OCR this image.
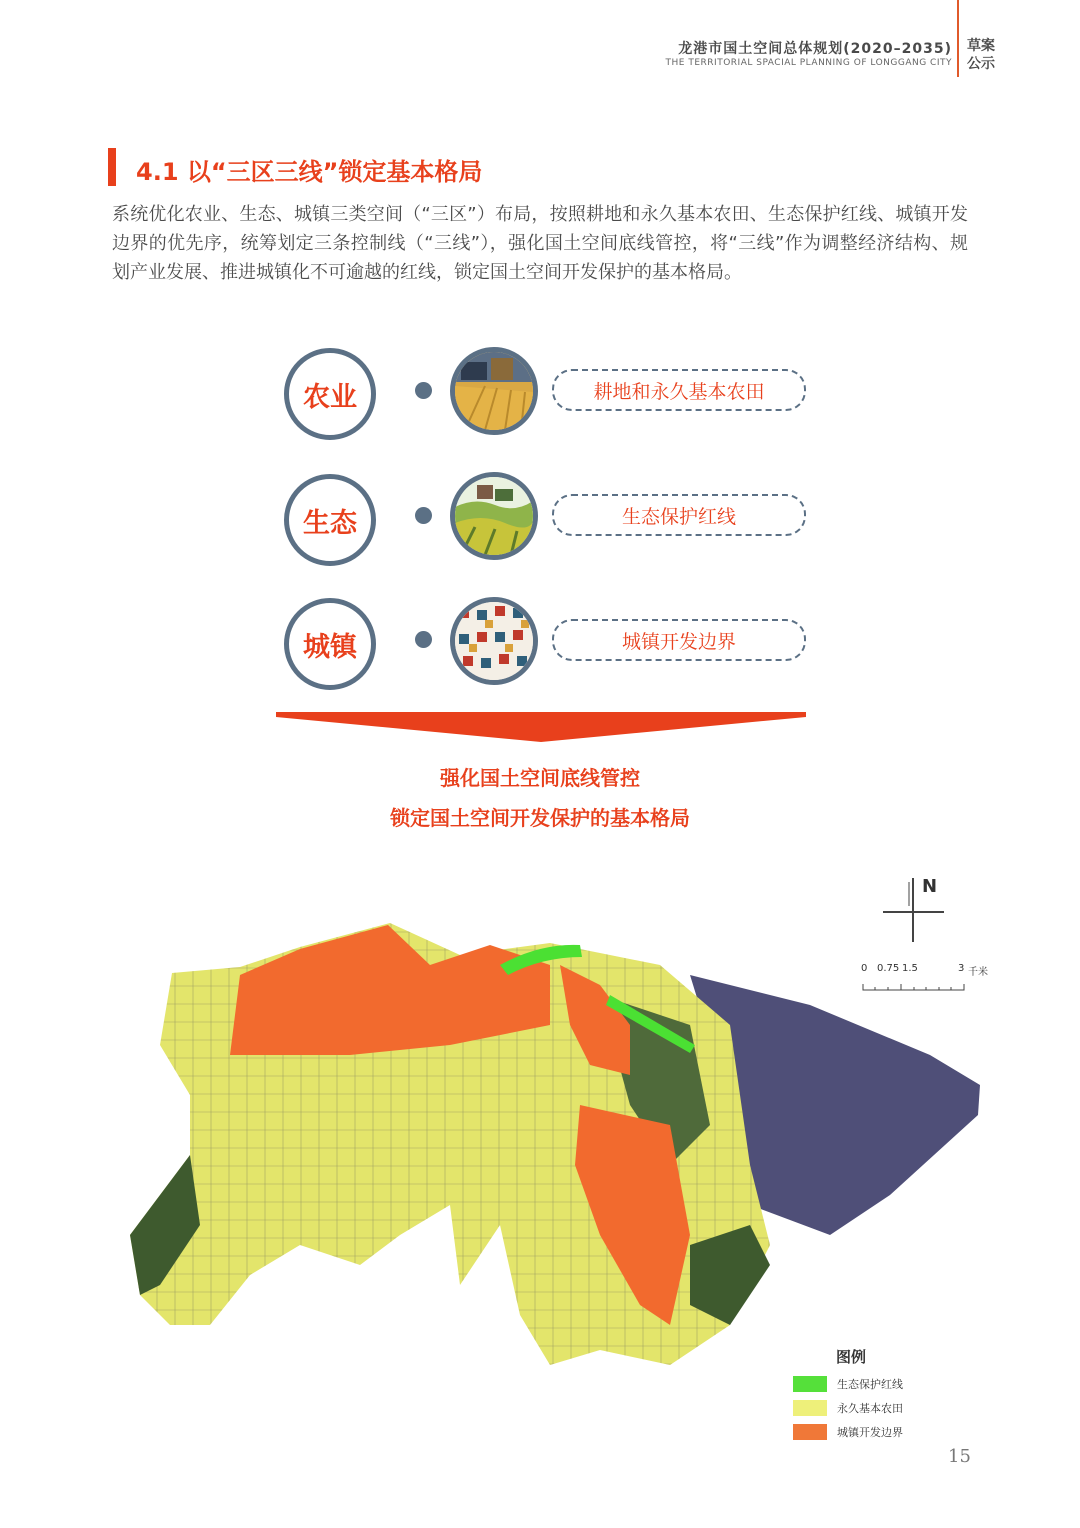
龙港市国土空间总体规划(2020–2035)
THE TERRITORIAL SPACIAL PLANNING OF LONGGANG CITY
草案
公示
4.1 以“三区三线”锁定基本格局
系统优化农业、生态、城镇三类空间（“三区”）布局，按照耕地和永久基本农田、生态保护红线、城镇开发边界的优先序，统筹划定三条控制线（“三线”），强化国土空间底线管控，将“三线”作为调整经济结构、规划产业发展、推进城镇化不可逾越的红线，锁定国土空间开发保护的基本格局。
农业	耕地和永久基本农田
生态	生态保护红线
城镇	城镇开发边界
强化国土空间底线管控
锁定国土空间开发保护的基本格局
N
0 0.75 1.5	3 千米
图例
生态保护红线
永久基本农田
城镇开发边界
15
